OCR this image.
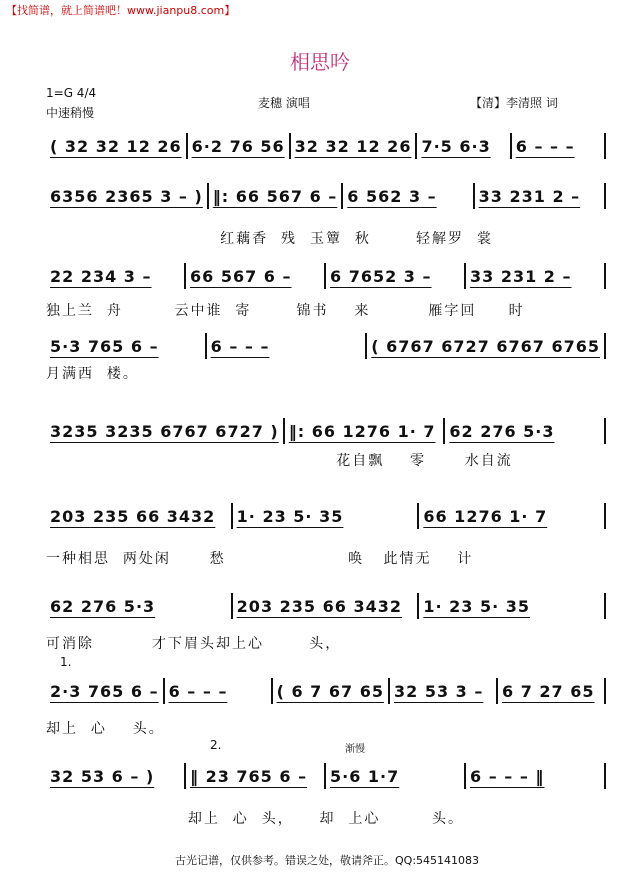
【找简谱，就上简谱吧！www.jianpu8.com】
相思吟
1=G 4/4
中速稍慢
麦穗 演唱	【清】李清照 词
( 32 32 12 26 6·2 76 56 32 32 12 26 7·5 6·3	6 – – –
6356 2365 3 – ) ‖: 66 567 6 – 6 562 3 –	33 231 2 –
红藕香  残  玉簟  秋       轻解罗  裳
22 234 3 –	66 567 6 –	6 7652 3 –	33 231 2 –
独上兰  舟        云中谁  寄       锦书    来         雁字回     时
5·3 765 6 –	6 – – –	( 6767 6727 6767 6765
月满西  楼。
3235 3235 6767 6727 ) ‖: 66 1276 1· 7 62 276 5·3
花自飘    零      水自流
203 235 66 3432	1· 23 5· 35	66 1276 1· 7
一种相思  两处闲      愁                   唤   此情无    计
62 276 5·3	203 235 66 3432	1· 23 5· 35
可消除         才下眉头却上心       头，
2·3 765 6 – 6 – – –	( 6 7 67 65 32 53 3 –	6 7 27 65
却上  心    头。
32 53 6 – )	‖ 23 765 6 –	5·6 1·7	6 – – – ‖
却上  心  头，    却  上心        头。
1.
2.	渐慢
古光记谱，仅供参考。错误之处，敬请斧正。QQ:545141083
